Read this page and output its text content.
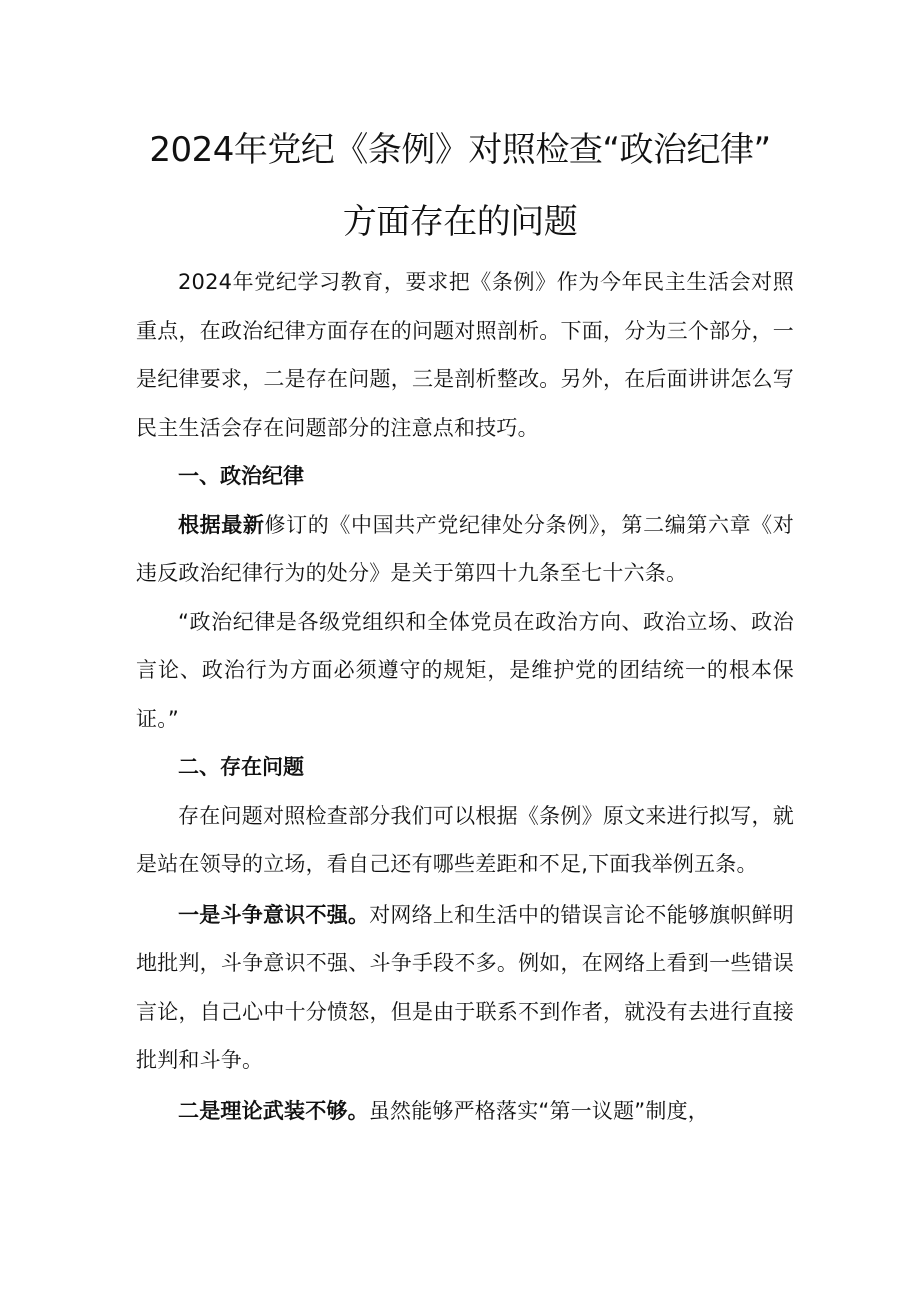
2024年党纪《条例》对照检查“政治纪律”
方面存在的问题

2024年党纪学习教育，要求把《条例》作为今年民主生活会对照重点，在政治纪律方面存在的问题对照剖析。下面，分为三个部分，一是纪律要求，二是存在问题，三是剖析整改。另外，在后面讲讲怎么写民主生活会存在问题部分的注意点和技巧。

一、政治纪律

根据最新修订的《中国共产党纪律处分条例》，第二编第六章《对违反政治纪律行为的处分》是关于第四十九条至七十六条。

“政治纪律是各级党组织和全体党员在政治方向、政治立场、政治言论、政治行为方面必须遵守的规矩，是维护党的团结统一的根本保证。”

二、存在问题

存在问题对照检查部分我们可以根据《条例》原文来进行拟写，就是站在领导的立场，看自己还有哪些差距和不足,下面我举例五条。

一是斗争意识不强。对网络上和生活中的错误言论不能够旗帜鲜明地批判，斗争意识不强、斗争手段不多。例如，在网络上看到一些错误言论，自己心中十分愤怒，但是由于联系不到作者，就没有去进行直接批判和斗争。

二是理论武装不够。虽然能够严格落实“第一议题”制度，
